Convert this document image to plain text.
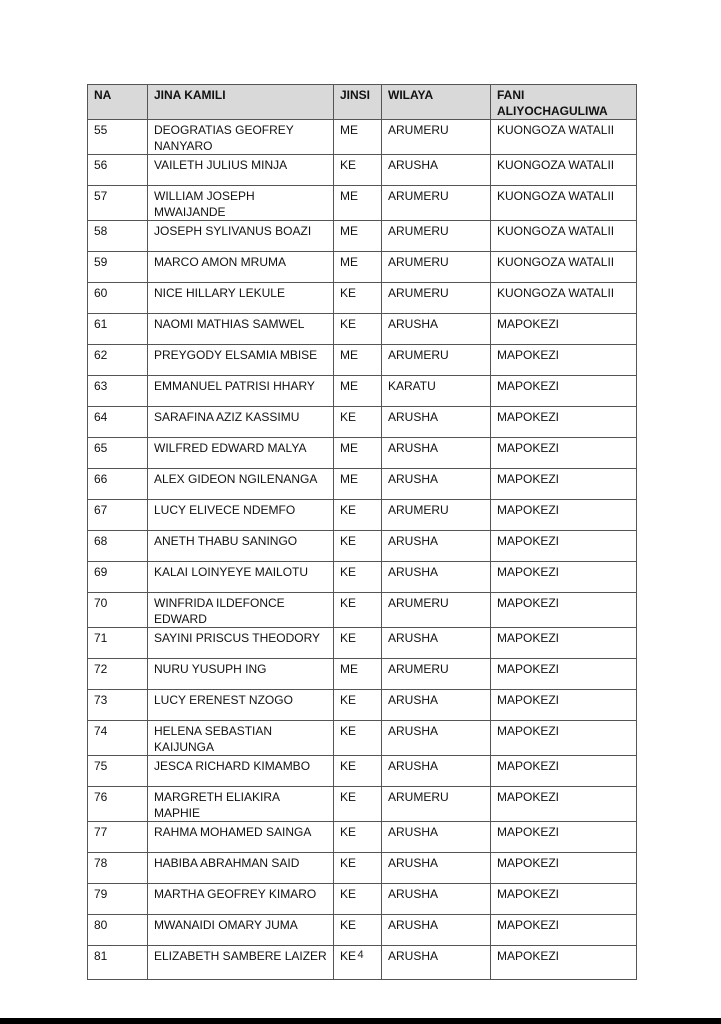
NA	JINA KAMILI	JINSI	WILAYA	FANI ALIYOCHAGULIWA
55	DEOGRATIAS GEOFREY NANYARO	ME	ARUMERU	KUONGOZA WATALII
56	VAILETH JULIUS MINJA	KE	ARUSHA	KUONGOZA WATALII
57	WILLIAM JOSEPH MWAIJANDE	ME	ARUMERU	KUONGOZA WATALII
58	JOSEPH SYLIVANUS BOAZI	ME	ARUMERU	KUONGOZA WATALII
59	MARCO AMON MRUMA	ME	ARUMERU	KUONGOZA WATALII
60	NICE HILLARY LEKULE	KE	ARUMERU	KUONGOZA WATALII
61	NAOMI MATHIAS SAMWEL	KE	ARUSHA	MAPOKEZI
62	PREYGODY ELSAMIA MBISE	ME	ARUMERU	MAPOKEZI
63	EMMANUEL PATRISI HHARY	ME	KARATU	MAPOKEZI
64	SARAFINA AZIZ KASSIMU	KE	ARUSHA	MAPOKEZI
65	WILFRED EDWARD MALYA	ME	ARUSHA	MAPOKEZI
66	ALEX GIDEON NGILENANGA	ME	ARUSHA	MAPOKEZI
67	LUCY ELIVECE NDEMFO	KE	ARUMERU	MAPOKEZI
68	ANETH THABU SANINGO	KE	ARUSHA	MAPOKEZI
69	KALAI LOINYEYE MAILOTU	KE	ARUSHA	MAPOKEZI
70	WINFRIDA ILDEFONCE EDWARD	KE	ARUMERU	MAPOKEZI
71	SAYINI PRISCUS THEODORY	KE	ARUSHA	MAPOKEZI
72	NURU YUSUPH ING	ME	ARUMERU	MAPOKEZI
73	LUCY ERENEST NZOGO	KE	ARUSHA	MAPOKEZI
74	HELENA SEBASTIAN KAIJUNGA	KE	ARUSHA	MAPOKEZI
75	JESCA RICHARD KIMAMBO	KE	ARUSHA	MAPOKEZI
76	MARGRETH ELIAKIRA MAPHIE	KE	ARUMERU	MAPOKEZI
77	RAHMA MOHAMED SAINGA	KE	ARUSHA	MAPOKEZI
78	HABIBA ABRAHMAN SAID	KE	ARUSHA	MAPOKEZI
79	MARTHA GEOFREY KIMARO	KE	ARUSHA	MAPOKEZI
80	MWANAIDI OMARY JUMA	KE	ARUSHA	MAPOKEZI
81	ELIZABETH SAMBERE LAIZER	KE	ARUSHA	MAPOKEZI
4
